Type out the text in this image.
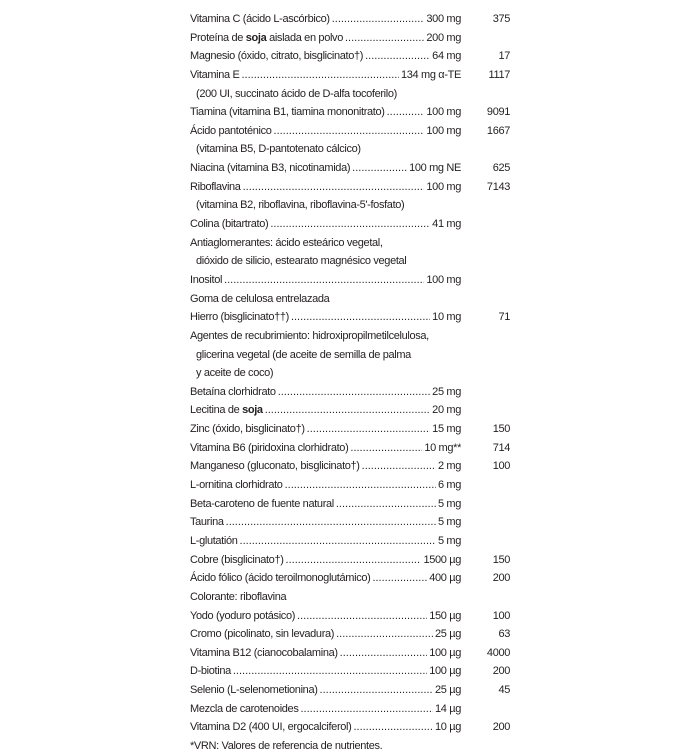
Vitamina C (ácido L-ascórbico) .....	300 mg	375
Proteína de soja aislada en polvo .....	200 mg
Magnesio (óxido, citrato, bisglicinato†) .....	64 mg	17
Vitamina E .....	134 mg α-TE	1117
(200 UI, succinato ácido de D-alfa tocoferilo)
Tiamina (vitamina B1, tiamina mononitrato) .....	100 mg	9091
Ácido pantoténico .....	100 mg	1667
(vitamina B5, D-pantotenato cálcico)
Niacina (vitamina B3, nicotinamida) .....	100 mg NE	625
Riboflavina .....	100 mg	7143
(vitamina B2, riboflavina, riboflavina-5'-fosfato)
Colina (bitartrato) .....	41 mg
Antiaglomerantes: ácido esteárico vegetal,
dióxido de silicio, estearato magnésico vegetal
Inositol .....	100 mg
Goma de celulosa entrelazada
Hierro (bisglicinato††) .....	10 mg	71
Agentes de recubrimiento: hidroxipropilmetilcelulosa,
glicerina vegetal (de aceite de semilla de palma
y aceite de coco)
Betaína clorhidrato .....	25 mg
Lecitina de soja .....	20 mg
Zinc (óxido, bisglicinato†) .....	15 mg	150
Vitamina B6 (piridoxina clorhidrato) .....	10 mg**	714
Manganeso (gluconato, bisglicinato†) .....	2 mg	100
L-ornitina clorhidrato .....	6 mg
Beta-caroteno de fuente natural .....	5 mg
Taurina .....	5 mg
L-glutatión .....	5 mg
Cobre (bisglicinato†) .....	1500 µg	150
Ácido fólico (ácido teroilmonoglutámico) .....	400 µg	200
Colorante: riboflavina
Yodo (yoduro potásico) .....	150 µg	100
Cromo (picolinato, sin levadura) .....	25 µg	63
Vitamina B12 (cianocobalamina) .....	100 µg	4000
D-biotina .....	100 µg	200
Selenio (L-selenometionina) .....	25 µg	45
Mezcla de carotenoides .....	14 µg
Vitamina D2 (400 UI, ergocalciferol) .....	10 µg	200
*VRN: Valores de referencia de nutrientes.
